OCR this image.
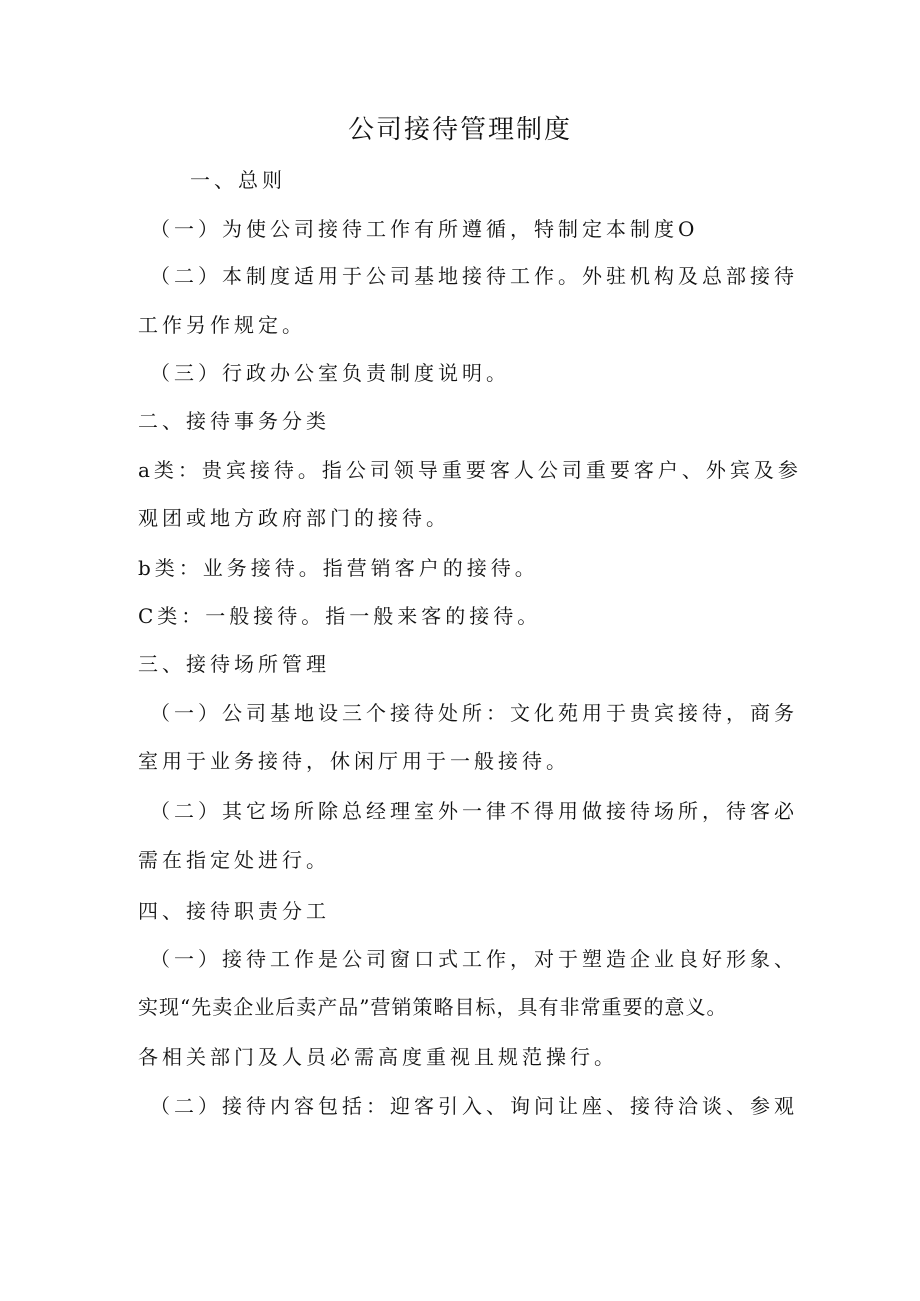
公司接待管理制度
一、总则
（一）为使公司接待工作有所遵循，特制定本制度O
（二）本制度适用于公司基地接待工作。外驻机构及总部接待
工作另作规定。
（三）行政办公室负责制度说明。
二、接待事务分类
a类：贵宾接待。指公司领导重要客人公司重要客户、外宾及参
观团或地方政府部门的接待。
b类：业务接待。指营销客户的接待。
C类：一般接待。指一般来客的接待。
三、接待场所管理
（一）公司基地设三个接待处所：文化苑用于贵宾接待，商务
室用于业务接待，休闲厅用于一般接待。
（二）其它场所除总经理室外一律不得用做接待场所，待客必
需在指定处进行。
四、接待职责分工
（一）接待工作是公司窗口式工作，对于塑造企业良好形象、
实现“先卖企业后卖产品”营销策略目标，具有非常重要的意义。
各相关部门及人员必需高度重视且规范操行。
（二）接待内容包括：迎客引入、询问让座、接待洽谈、参观
